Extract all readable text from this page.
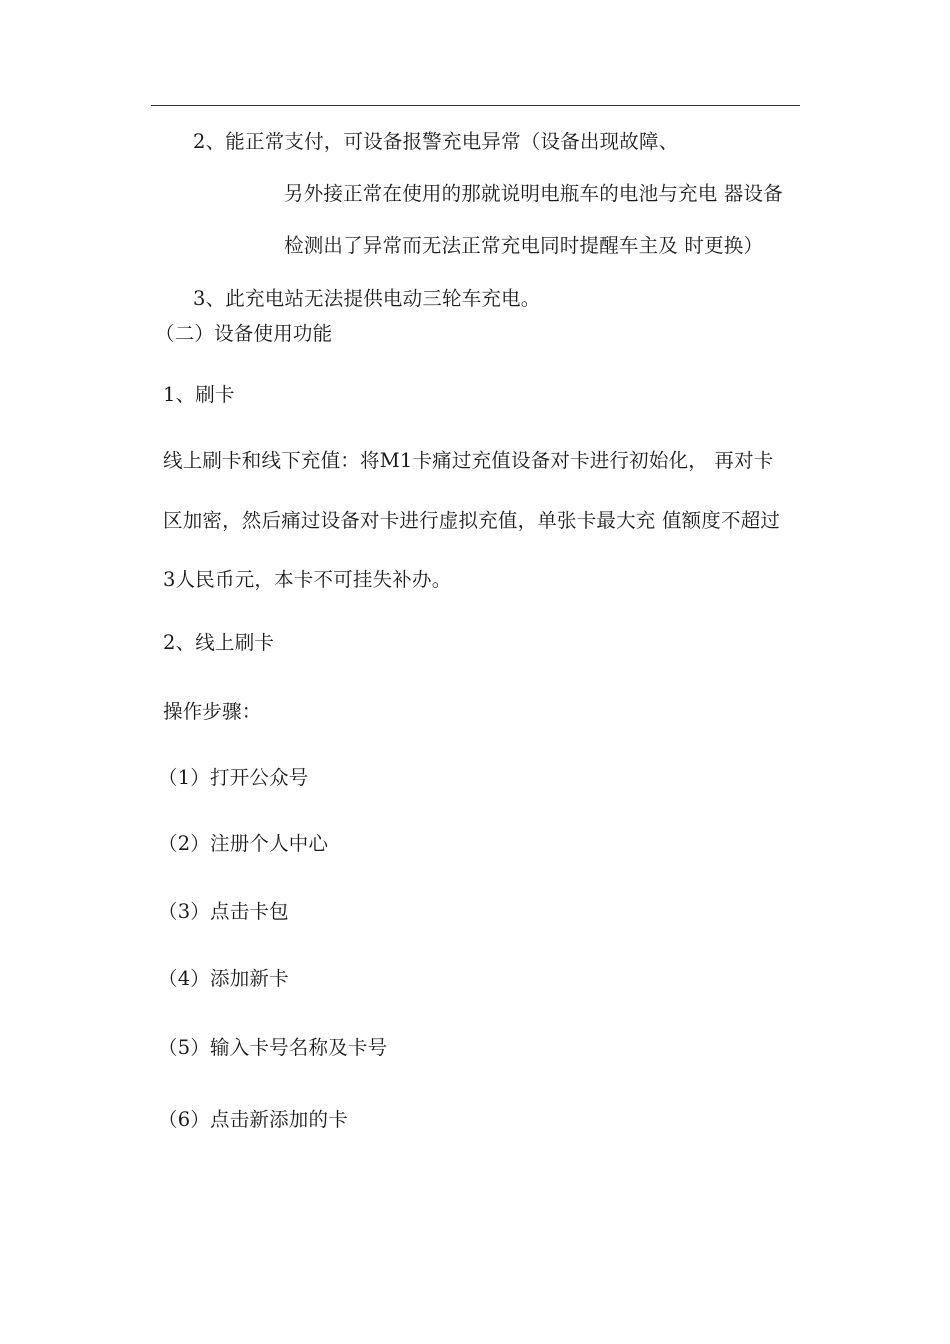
2、能正常支付，可设备报警充电异常（设备出现故障、
另外接正常在使用的那就说明电瓶车的电池与充电 器设备
检测出了异常而无法正常充电同时提醒车主及 时更换）
3、此充电站无法提供电动三轮车充电。
（二）设备使用功能
1、刷卡
线上刷卡和线下充值：将M1卡痛过充值设备对卡进行初始化， 再对卡
区加密，然后痛过设备对卡进行虚拟充值，单张卡最大充 值额度不超过
3人民币元，本卡不可挂失补办。
2、线上刷卡
操作步骤：
（1）打开公众号
（2）注册个人中心
（3）点击卡包
（4）添加新卡
（5）输入卡号名称及卡号
（6）点击新添加的卡
